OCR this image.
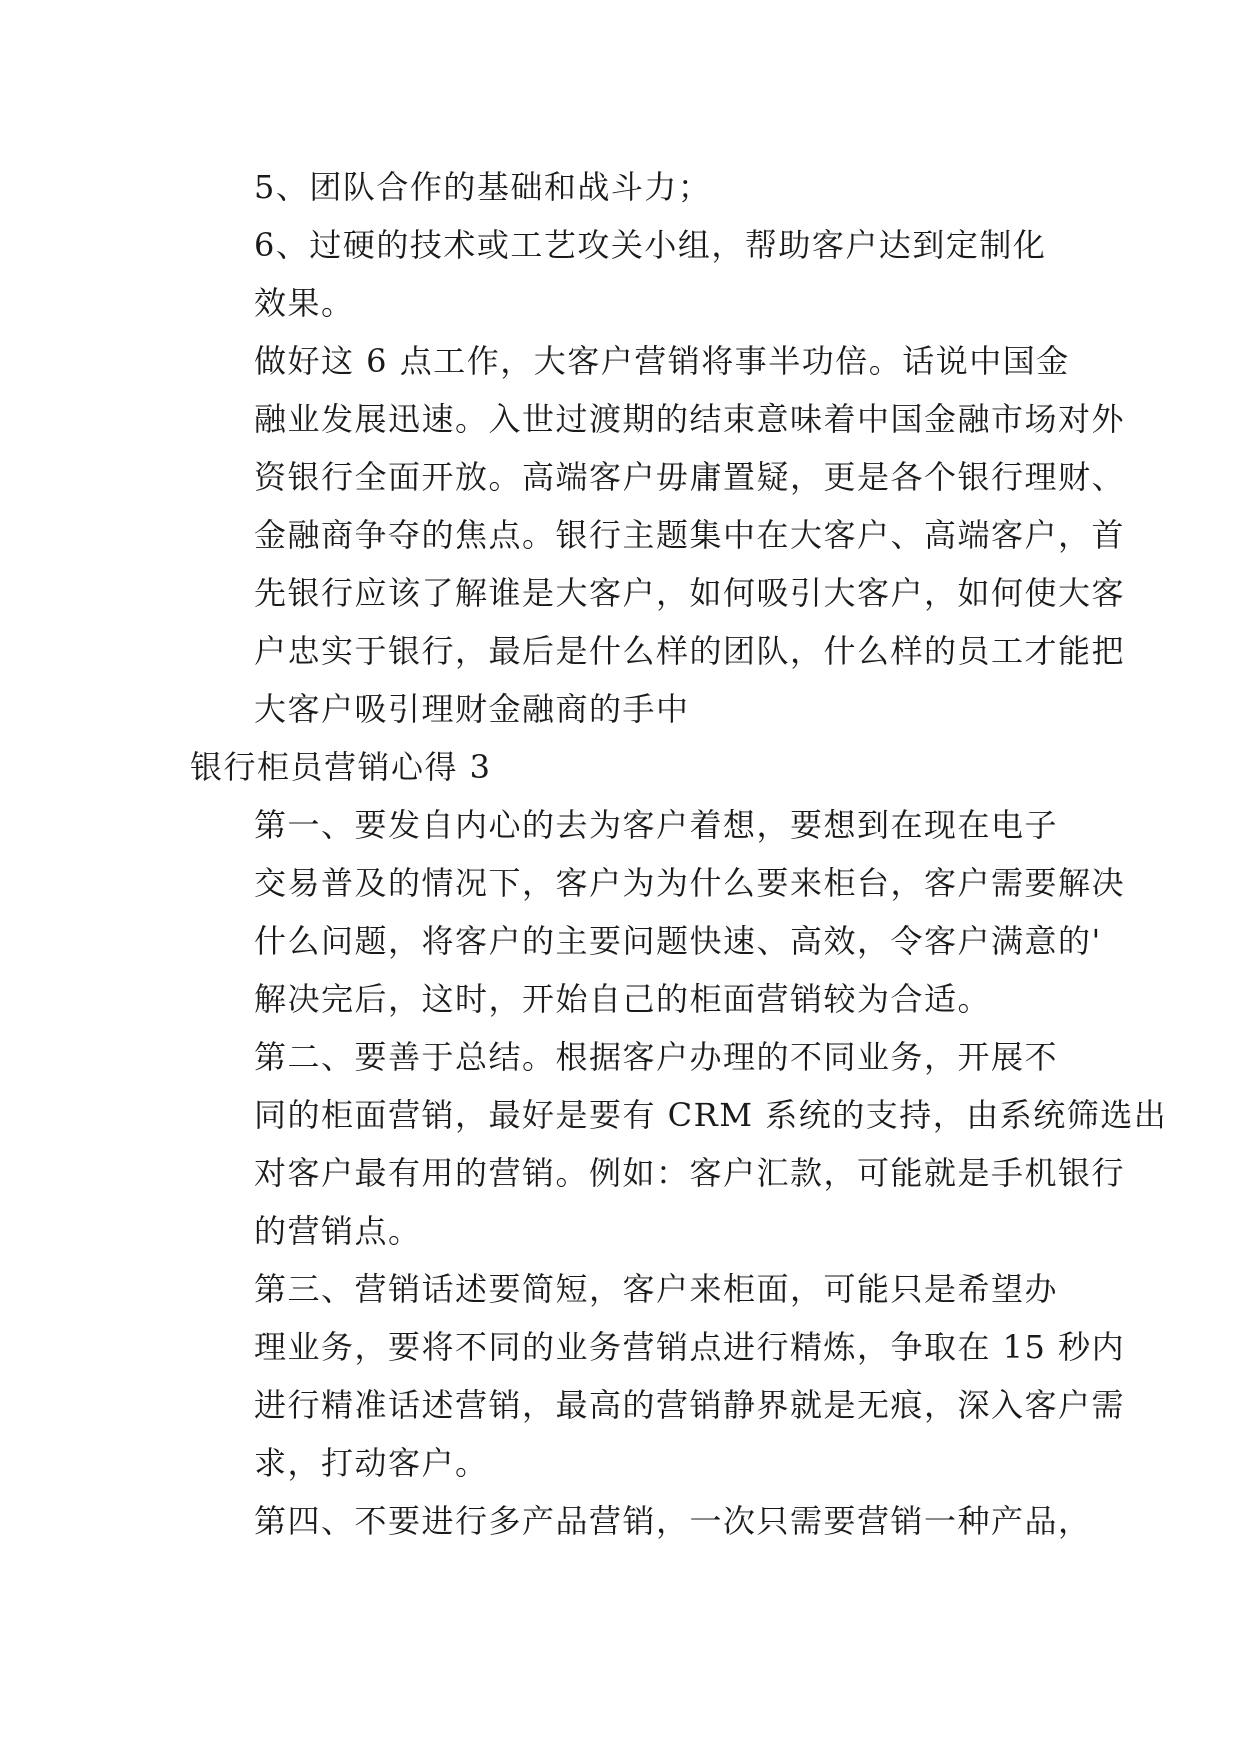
5、团队合作的基础和战斗力；
6、过硬的技术或工艺攻关小组，帮助客户达到定制化
效果。
做好这 6 点工作，大客户营销将事半功倍。话说中国金
融业发展迅速。入世过渡期的结束意味着中国金融市场对外
资银行全面开放。高端客户毋庸置疑，更是各个银行理财、
金融商争夺的焦点。银行主题集中在大客户、高端客户，首
先银行应该了解谁是大客户，如何吸引大客户，如何使大客
户忠实于银行，最后是什么样的团队，什么样的员工才能把
大客户吸引理财金融商的手中
银行柜员营销心得 3
第一、要发自内心的去为客户着想，要想到在现在电子
交易普及的情况下，客户为为什么要来柜台，客户需要解决
什么问题，将客户的主要问题快速、高效，令客户满意的'
解决完后，这时，开始自己的柜面营销较为合适。
第二、要善于总结。根据客户办理的不同业务，开展不
同的柜面营销，最好是要有 CRM 系统的支持，由系统筛选出
对客户最有用的营销。例如：客户汇款，可能就是手机银行
的营销点。
第三、营销话述要简短，客户来柜面，可能只是希望办
理业务，要将不同的业务营销点进行精炼，争取在 15 秒内
进行精准话述营销，最高的营销静界就是无痕，深入客户需
求，打动客户。
第四、不要进行多产品营销，一次只需要营销一种产品，
